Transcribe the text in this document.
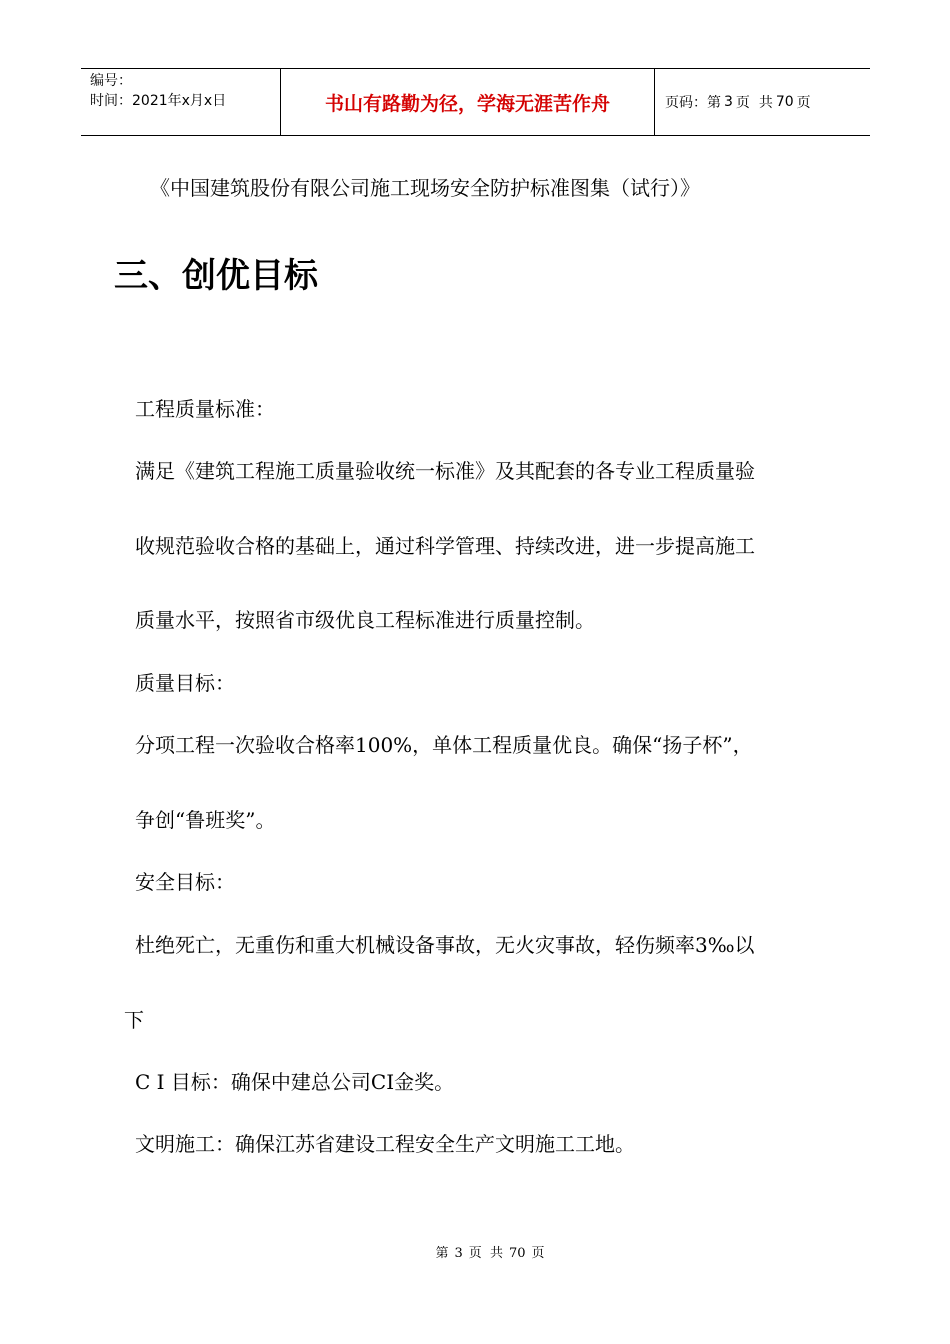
编号：
时间：2021年x月x日	书山有路勤为径，学海无涯苦作舟	页码：第 3 页  共 70 页
《中国建筑股份有限公司施工现场安全防护标准图集（试行）》
三、创优目标
工程质量标准：
满足《建筑工程施工质量验收统一标准》及其配套的各专业工程质量验
收规范验收合格的基础上，通过科学管理、持续改进，进一步提高施工
质量水平，按照省市级优良工程标准进行质量控制。
质量目标：
分项工程一次验收合格率100%，单体工程质量优良。确保“扬子杯”，
争创“鲁班奖”。
安全目标：
杜绝死亡，无重伤和重大机械设备事故，无火灾事故，轻伤频率3‰以
下
C I 目标：确保中建总公司CI金奖。
文明施工：确保江苏省建设工程安全生产文明施工工地。
第 3 页  共 70 页
